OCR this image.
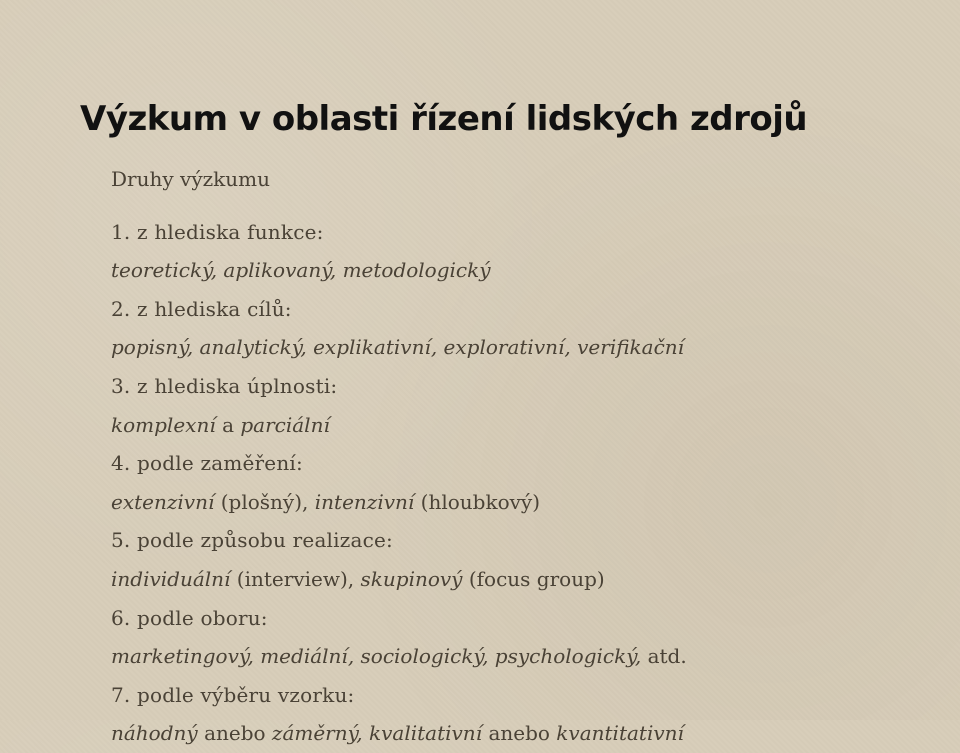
Výzkum v oblasti řízení lidských zdrojů
Druhy výzkumu
1. z hlediska funkce:
teoretický, aplikovaný, metodologický
2. z hlediska cílů:
popisný, analytický, explikativní, explorativní, verifikační
3. z hlediska úplnosti:
komplexní a parciální
4. podle zaměření:
extenzivní (plošný), intenzivní (hloubkový)
5. podle způsobu realizace:
individuální (interview), skupinový (focus group)
6. podle oboru:
marketingový, mediální, sociologický, psychologický, atd.
7. podle výběru vzorku:
náhodný anebo záměrný, kvalitativní anebo kvantitativní
